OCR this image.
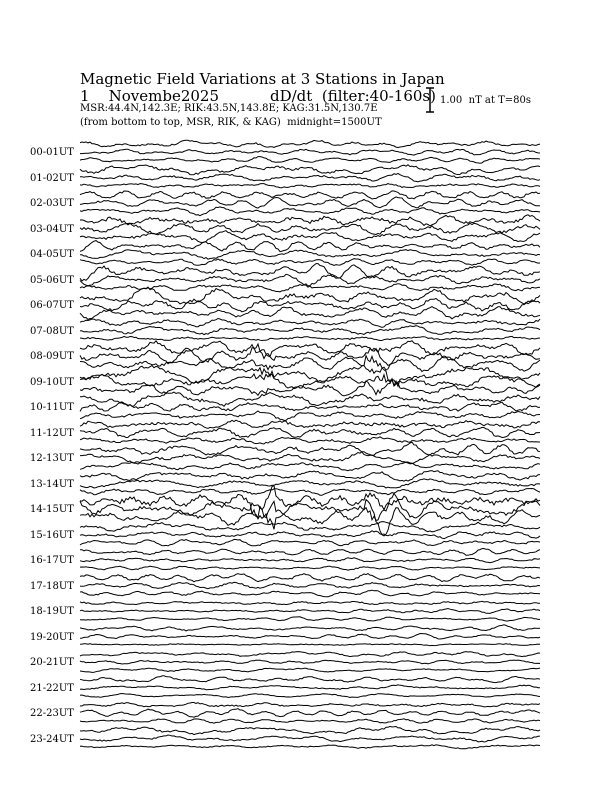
Magnetic Field Variations at 3 Stations in Japan
1 Novembe2025	dD/dt  (filter:40-160s)
MSR:44.4N,142.3E; RIK:43.5N,143.8E; KAG:31.5N,130.7E
(from bottom to top, MSR, RIK, & KAG)  midnight=1500UT
1.00  nT at T=80s
00-01UT
01-02UT
02-03UT
03-04UT
04-05UT
05-06UT
06-07UT
07-08UT
08-09UT
09-10UT
10-11UT
11-12UT
12-13UT
13-14UT
14-15UT
15-16UT
16-17UT
17-18UT
18-19UT
19-20UT
20-21UT
21-22UT
22-23UT
23-24UT
